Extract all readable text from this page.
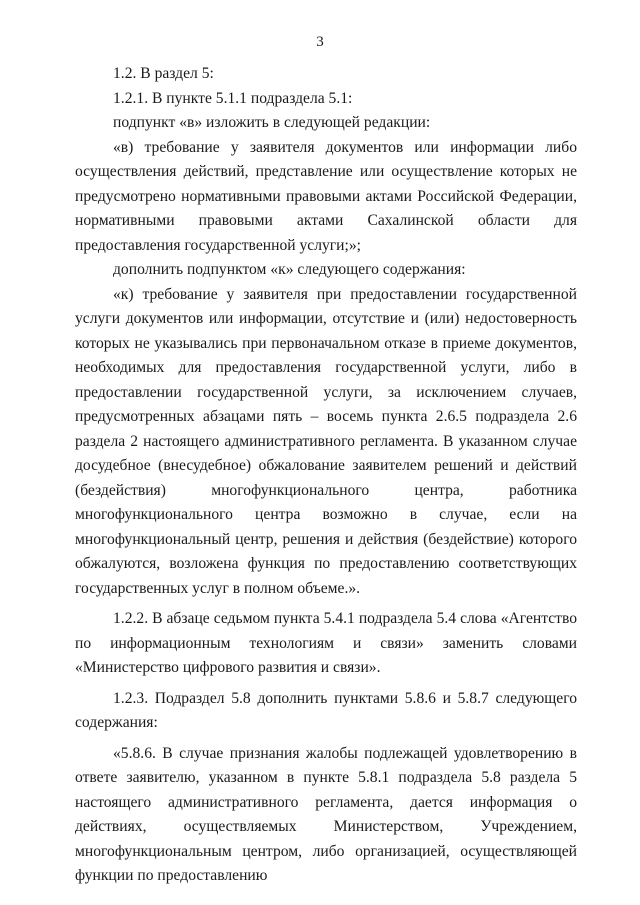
3

1.2. В раздел 5:

1.2.1. В пункте 5.1.1 подраздела 5.1:

подпункт «в» изложить в следующей редакции:

«в) требование у заявителя документов или информации либо осуществления действий, представление или осуществление которых не предусмотрено нормативными правовыми актами Российской Федерации, нормативными правовыми актами Сахалинской области для предоставления государственной услуги;»;

дополнить подпунктом «к» следующего содержания:

«к) требование у заявителя при предоставлении государственной услуги документов или информации, отсутствие и (или) недостоверность которых не указывались при первоначальном отказе в приеме документов, необходимых для предоставления государственной услуги, либо в предоставлении государственной услуги, за исключением случаев, предусмотренных абзацами пять – восемь пункта 2.6.5 подраздела 2.6 раздела 2 настоящего административного регламента. В указанном случае досудебное (внесудебное) обжалование заявителем решений и действий (бездействия) многофункционального центра, работника многофункционального центра возможно в случае, если на многофункциональный центр, решения и действия (бездействие) которого обжалуются, возложена функция по предоставлению соответствующих государственных услуг в полном объеме.».

1.2.2. В абзаце седьмом пункта 5.4.1 подраздела 5.4 слова «Агентство по информационным технологиям и связи» заменить словами «Министерство цифрового развития и связи».

1.2.3. Подраздел 5.8 дополнить пунктами 5.8.6 и 5.8.7 следующего содержания:

«5.8.6. В случае признания жалобы подлежащей удовлетворению в ответе заявителю, указанном в пункте 5.8.1 подраздела 5.8 раздела 5 настоящего административного регламента, дается информация о действиях, осуществляемых Министерством, Учреждением, многофункциональным центром, либо организацией, осуществляющей функции по предоставлению
